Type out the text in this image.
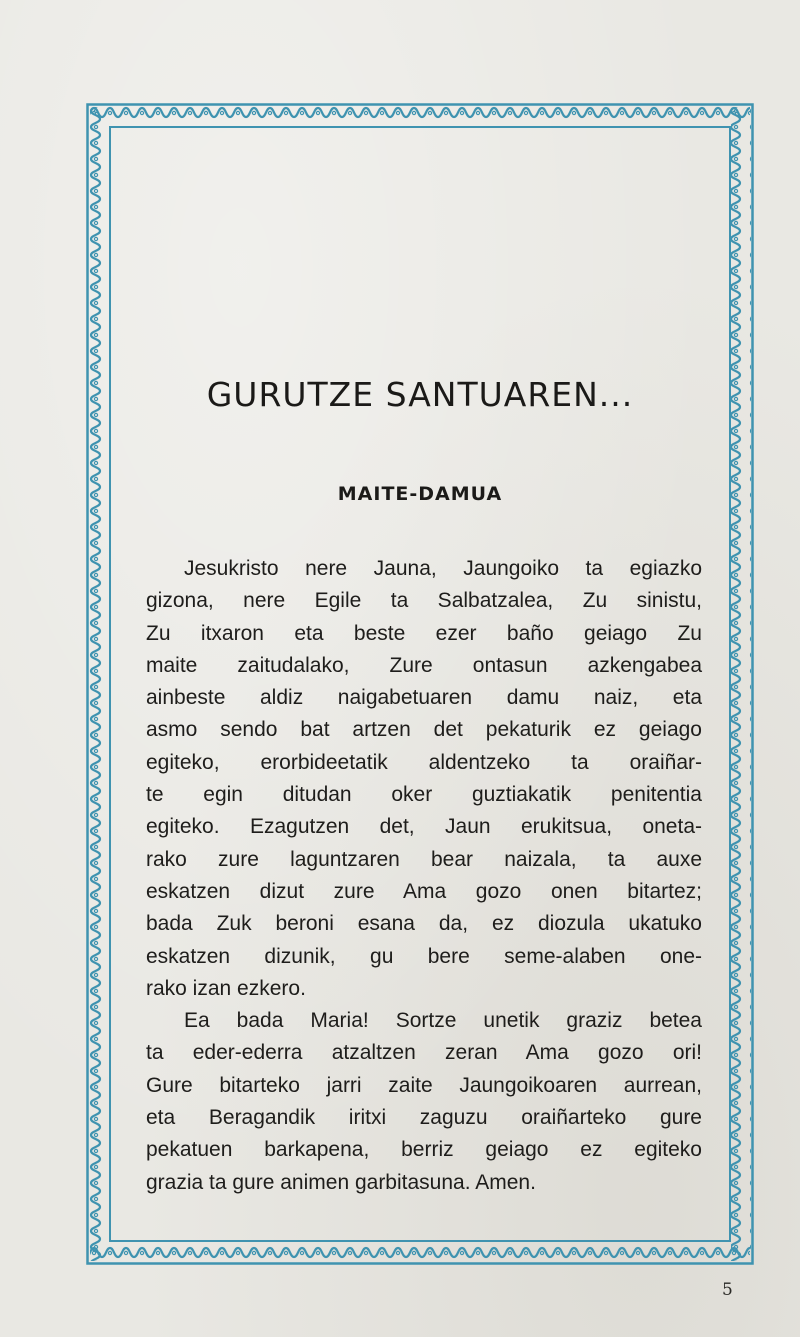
GURUTZE SANTUAREN...
MAITE-DAMUA
Jesukristo nere Jauna, Jaungoiko ta egiazko
gizona, nere Egile ta Salbatzalea, Zu sinistu,
Zu itxaron eta beste ezer baño geiago Zu
maite zaitudalako, Zure ontasun azkengabea
ainbeste aldiz naigabetuaren damu naiz, eta
asmo sendo bat artzen det pekaturik ez geiago
egiteko, erorbideetatik aldentzeko ta oraiñar-
te egin ditudan oker guztiakatik penitentia
egiteko. Ezagutzen det, Jaun erukitsua, oneta-
rako zure laguntzaren bear naizala, ta auxe
eskatzen dizut zure Ama gozo onen bitartez;
bada Zuk beroni esana da, ez diozula ukatuko
eskatzen dizunik, gu bere seme-alaben one-
rako izan ezkero.
Ea bada Maria! Sortze unetik graziz betea
ta eder-ederra atzaltzen zeran Ama gozo ori!
Gure bitarteko jarri zaite Jaungoikoaren aurrean,
eta Beragandik iritxi zaguzu oraiñarteko gure
pekatuen barkapena, berriz geiago ez egiteko
grazia ta gure animen garbitasuna. Amen.
5
